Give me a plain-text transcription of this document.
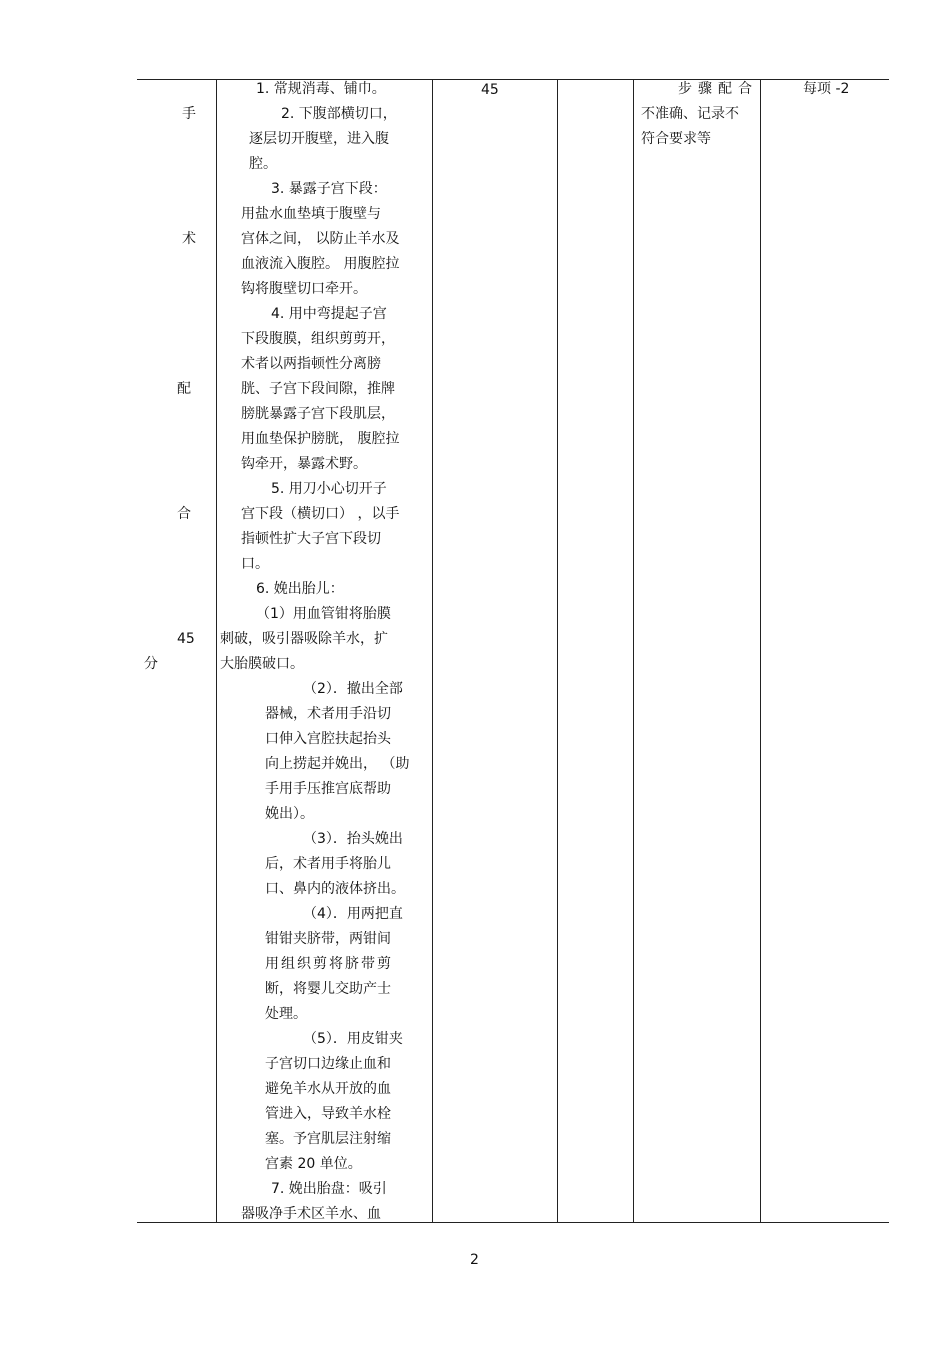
手
术
配
合
45
分
1. 常规消毒、铺巾。
2. 下腹部横切口，
逐层切开腹壁，进入腹
腔。
3. 暴露子宫下段：
用盐水血垫填于腹壁与
宫体之间， 以防止羊水及
血液流入腹腔。 用腹腔拉
钩将腹壁切口牵开。
4. 用中弯提起子宫
下段腹膜，组织剪剪开，
术者以两指顿性分离膀
胱、子宫下段间隙，推牌
膀胱暴露子宫下段肌层，
用血垫保护膀胱， 腹腔拉
钩牵开，暴露术野。
5. 用刀小心切开子
宫下段（横切口） ，以手
指顿性扩大子宫下段切
口。
6. 娩出胎儿：
（1）用血管钳将胎膜
刺破，吸引器吸除羊水，扩
大胎膜破口。
（2）．撤出全部
器械，术者用手沿切
口伸入宫腔扶起抬头
向上捞起并娩出， （助
手用手压推宫底帮助
娩出）。
（3）．抬头娩出
后，术者用手将胎儿
口、鼻内的液体挤出。
（4）．用两把直
钳钳夹脐带，两钳间
用组织剪将脐带剪
断，将婴儿交助产士
处理。
（5）．用皮钳夹
子宫切口边缘止血和
避免羊水从开放的血
管进入，导致羊水栓
塞。予宫肌层注射缩
宫素 20 单位。
7. 娩出胎盘：吸引
器吸净手术区羊水、血
45	步骤配合
不准确、记录不
符合要求等
每项 -2
2
